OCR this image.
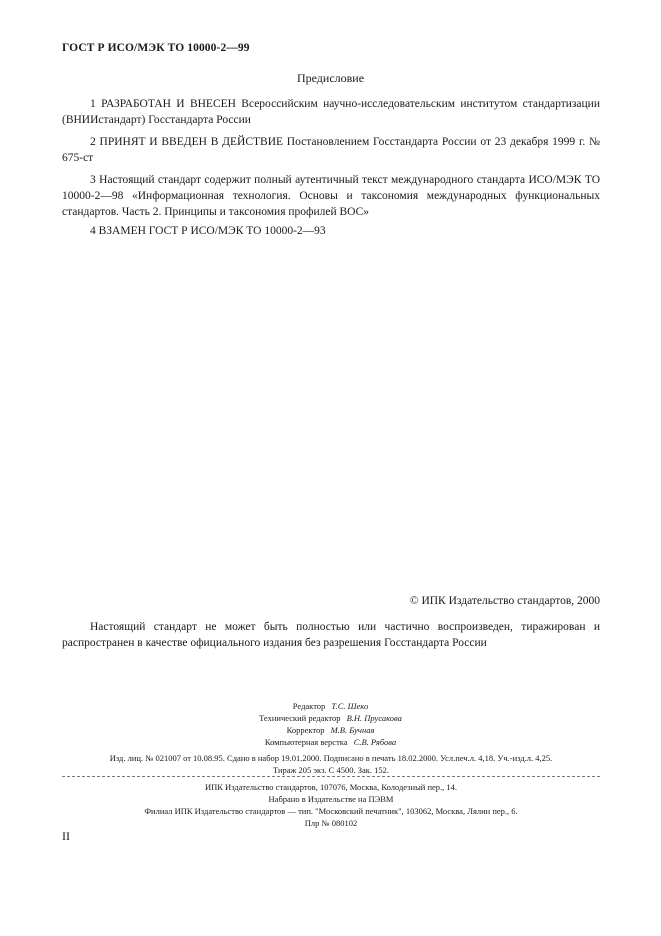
ГОСТ Р ИСО/МЭК ТО 10000-2—99
Предисловие
1 РАЗРАБОТАН И ВНЕСЕН Всероссийским научно-исследовательским институтом стандартизации (ВНИИстандарт) Госстандарта России
2 ПРИНЯТ И ВВЕДЕН В ДЕЙСТВИЕ Постановлением Госстандарта России от 23 декабря 1999 г. № 675-ст
3 Настоящий стандарт содержит полный аутентичный текст международного стандарта ИСО/МЭК ТО 10000-2—98 «Информационная технология. Основы и таксономия международных функциональных стандартов. Часть 2. Принципы и таксономия профилей ВОС»
4 ВЗАМЕН ГОСТ Р ИСО/МЭК ТО 10000-2—93
© ИПК Издательство стандартов, 2000
Настоящий стандарт не может быть полностью или частично воспроизведен, тиражирован и распространен в качестве официального издания без разрешения Госстандарта России
Редактор Т.С. Шеко
Технический редактор В.Н. Прусакова
Корректор М.В. Бучная
Компьютерная верстка С.В. Рябова
Изд. лиц. № 021007 от 10.08.95. Сдано в набор 19.01.2000. Подписано в печать 18.02.2000. Усл.печ.л. 4,18. Уч.-изд.л. 4,25.
Тираж 205 экз. С 4500. Зак. 152.
ИПК Издательство стандартов, 107076, Москва, Колодезный пер., 14.
Набрано в Издательстве на ПЭВМ
Филиал ИПК Издательство стандартов — тип. "Московский печатник", 103062, Москва, Лялин пер., 6.
Плр № 080102
II
